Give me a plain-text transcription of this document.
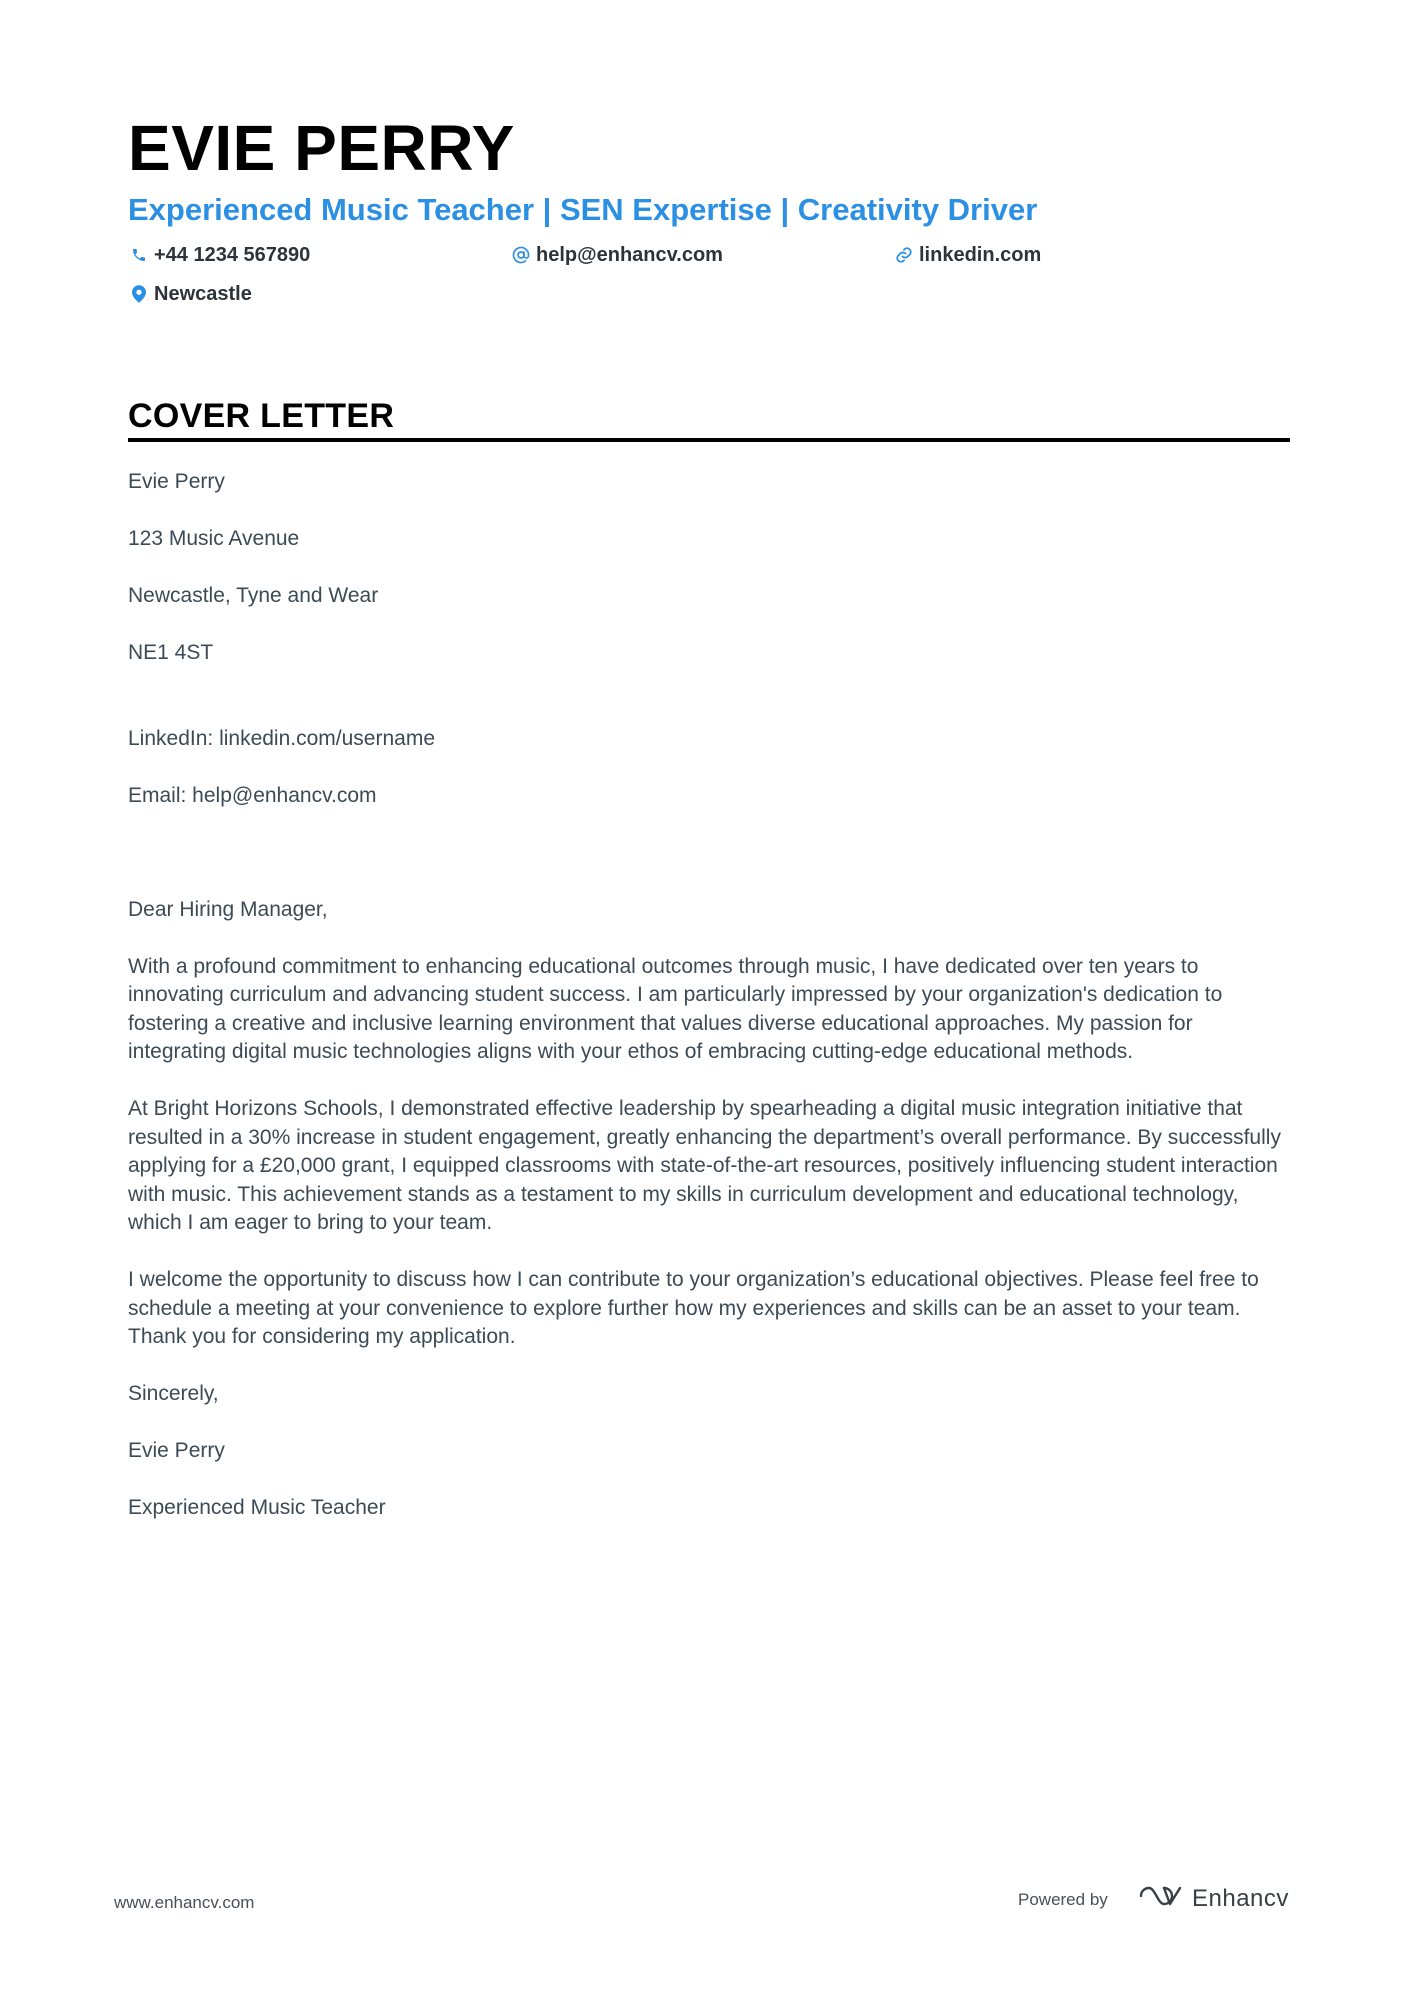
EVIE PERRY
Experienced Music Teacher | SEN Expertise | Creativity Driver
+44 1234 567890	help@enhancv.com	linkedin.com
Newcastle
COVER LETTER

Evie Perry

123 Music Avenue

Newcastle, Tyne and Wear

NE1 4ST

LinkedIn: linkedin.com/username

Email: help@enhancv.com

Dear Hiring Manager,

With a profound commitment to enhancing educational outcomes through music, I have dedicated over ten years to innovating curriculum and advancing student success. I am particularly impressed by your organization's dedication to fostering a creative and inclusive learning environment that values diverse educational approaches. My passion for integrating digital music technologies aligns with your ethos of embracing cutting-edge educational methods.

At Bright Horizons Schools, I demonstrated effective leadership by spearheading a digital music integration initiative that resulted in a 30% increase in student engagement, greatly enhancing the department’s overall performance. By successfully applying for a £20,000 grant, I equipped classrooms with state-of-the-art resources, positively influencing student interaction with music. This achievement stands as a testament to my skills in curriculum development and educational technology, which I am eager to bring to your team.

I welcome the opportunity to discuss how I can contribute to your organization’s educational objectives. Please feel free to schedule a meeting at your convenience to explore further how my experiences and skills can be an asset to your team. Thank you for considering my application.

Sincerely,

Evie Perry

Experienced Music Teacher

www.enhancv.com	Powered by	Enhancv
